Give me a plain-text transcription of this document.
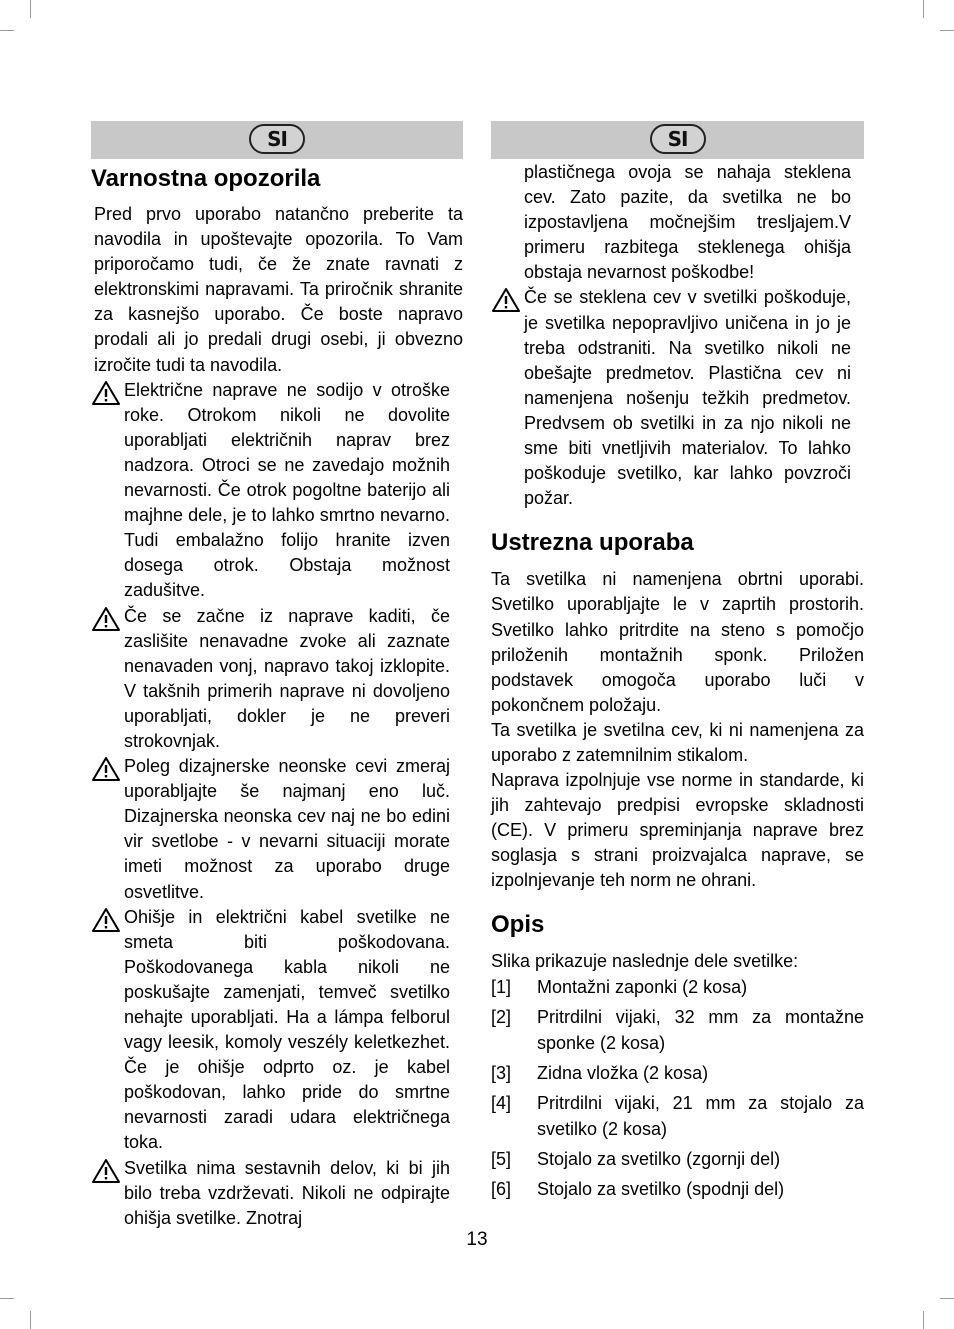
SI
Varnostna opozorila

Pred prvo uporabo natančno preberite ta navodila in upoštevajte opozorila. To Vam priporočamo tudi, če že znate ravnati z elektronskimi napravami. Ta priročnik shranite za kasnejšo uporabo. Če boste napravo prodali ali jo predali drugi osebi, ji obvezno izročite tudi ta navodila.

Električne naprave ne sodijo v otroške roke. Otrokom nikoli ne dovolite uporabljati električnih naprav brez nadzora. Otroci se ne zavedajo možnih nevarnosti. Če otrok pogoltne baterijo ali majhne dele, je to lahko smrtno nevarno. Tudi embalažno folijo hranite izven dosega otrok. Obstaja možnost zadušitve.

Če se začne iz naprave kaditi, če zaslišite nenavadne zvoke ali zaznate nenavaden vonj, napravo takoj izklopite. V takšnih primerih naprave ni dovoljeno uporabljati, dokler je ne preveri strokovnjak.

Poleg dizajnerske neonske cevi zmeraj uporabljajte še najmanj eno luč. Dizajnerska neonska cev naj ne bo edini vir svetlobe - v nevarni situaciji morate imeti možnost za uporabo druge osvetlitve.

Ohišje in električni kabel svetilke ne smeta biti poškodovana. Poškodovanega kabla nikoli ne poskušajte zamenjati, temveč svetilko nehajte uporabljati. Ha a lámpa felborul vagy leesik, komoly veszély keletkezhet. Če je ohišje odprto oz. je kabel poškodovan, lahko pride do smrtne nevarnosti zaradi udara električnega toka.

Svetilka nima sestavnih delov, ki bi jih bilo treba vzdrževati. Nikoli ne odpirajte ohišja svetilke. Znotraj

SI

plastičnega ovoja se nahaja steklena cev. Zato pazite, da svetilka ne bo izpostavljena močnejšim tresljajem.V primeru razbitega steklenega ohišja obstaja nevarnost poškodbe!

Če se steklena cev v svetilki poškoduje, je svetilka nepopravljivo uničena in jo je treba odstraniti. Na svetilko nikoli ne obešajte predmetov. Plastična cev ni namenjena nošenju težkih predmetov. Predvsem ob svetilki in za njo nikoli ne sme biti vnetljivih materialov. To lahko poškoduje svetilko, kar lahko povzroči požar.

Ustrezna uporaba

Ta svetilka ni namenjena obrtni uporabi. Svetilko uporabljajte le v zaprtih prostorih. Svetilko lahko pritrdite na steno s pomočjo priloženih montažnih sponk. Priložen podstavek omogoča uporabo luči v pokončnem položaju.

Ta svetilka je svetilna cev, ki ni namenjena za uporabo z zatemnilnim stikalom.

Naprava izpolnjuje vse norme in standarde, ki jih zahtevajo predpisi evropske skladnosti (CE). V primeru spreminjanja naprave brez soglasja s strani proizvajalca naprave, se izpolnjevanje teh norm ne ohrani.

Opis

Slika prikazuje naslednje dele svetilke:

[1] Montažni zaponki (2 kosa)
[2] Pritrdilni vijaki, 32 mm za montažne sponke (2 kosa)
[3] Zidna vložka (2 kosa)
[4] Pritrdilni vijaki, 21 mm za stojalo za svetilko (2 kosa)
[5] Stojalo za svetilko (zgornji del)
[6] Stojalo za svetilko (spodnji del)
13
